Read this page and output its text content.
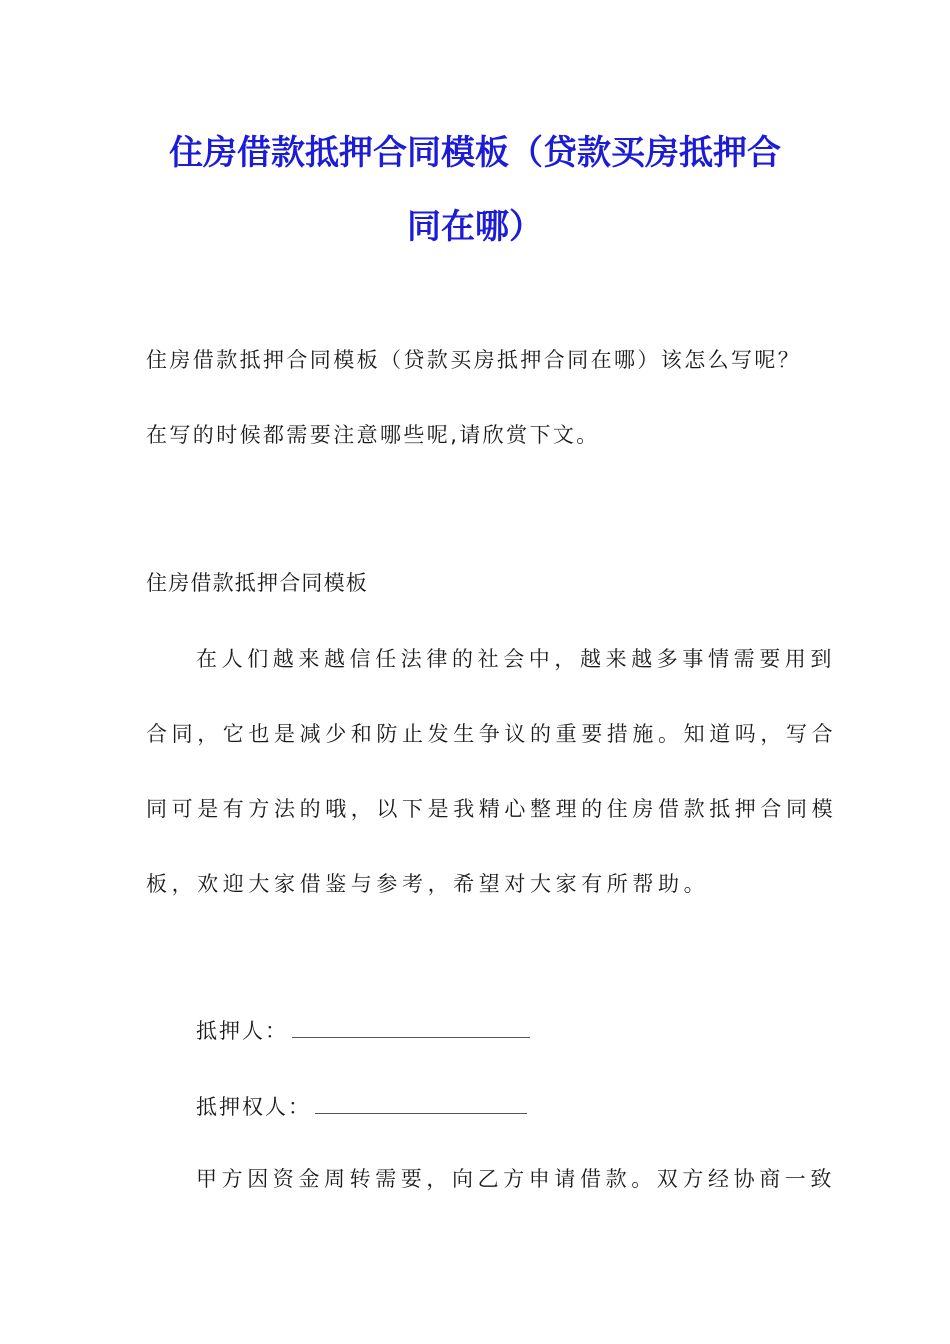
住房借款抵押合同模板（贷款买房抵押合
同在哪）
住房借款抵押合同模板（贷款买房抵押合同在哪）该怎么写呢？
在写的时候都需要注意哪些呢,请欣赏下文。
住房借款抵押合同模板
在人们越来越信任法律的社会中，越来越多事情需要用到
合同，它也是减少和防止发生争议的重要措施。知道吗，写合
同可是有方法的哦，以下是我精心整理的住房借款抵押合同模
板，欢迎大家借鉴与参考，希望对大家有所帮助。
抵押人：
抵押权人：
甲方因资金周转需要，向乙方申请借款。双方经协商一致
